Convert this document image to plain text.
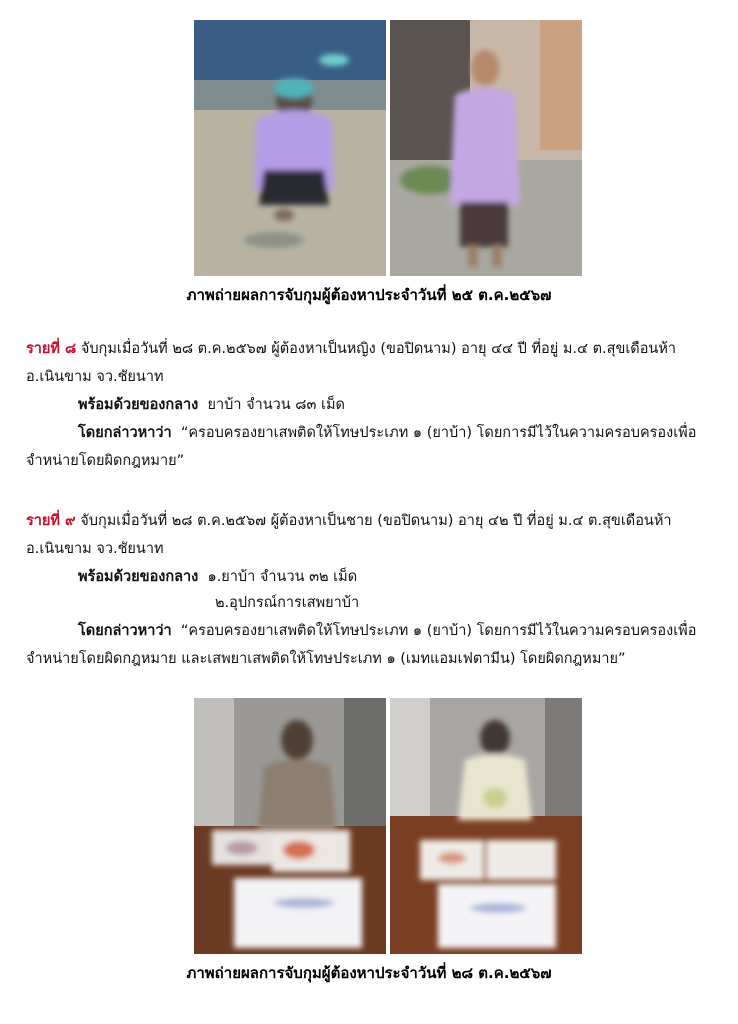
ภาพถ่ายผลการจับกุมผู้ต้องหาประจำวันที่ ๒๕ ต.ค.๒๕๖๗
รายที่ ๘ จับกุมเมื่อวันที่ ๒๘ ต.ค.๒๕๖๗ ผู้ต้องหาเป็นหญิง (ขอปิดนาม) อายุ ๔๔ ปี ที่อยู่ ม.๔ ต.สุขเดือนห้า
อ.เนินขาม จว.ชัยนาท
พร้อมด้วยของกลาง ยาบ้า จำนวน ๘๓ เม็ด
โดยกล่าวหาว่า “ครอบครองยาเสพติดให้โทษประเภท ๑ (ยาบ้า) โดยการมีไว้ในความครอบครองเพื่อ
จำหน่ายโดยผิดกฎหมาย”
รายที่ ๙ จับกุมเมื่อวันที่ ๒๘ ต.ค.๒๕๖๗ ผู้ต้องหาเป็นชาย (ขอปิดนาม) อายุ ๔๒ ปี ที่อยู่ ม.๔ ต.สุขเดือนห้า
อ.เนินขาม จว.ชัยนาท
พร้อมด้วยของกลาง ๑.ยาบ้า จำนวน ๓๒ เม็ด
๒.อุปกรณ์การเสพยาบ้า
โดยกล่าวหาว่า “ครอบครองยาเสพติดให้โทษประเภท ๑ (ยาบ้า) โดยการมีไว้ในความครอบครองเพื่อ
จำหน่ายโดยผิดกฎหมาย และเสพยาเสพติดให้โทษประเภท ๑ (เมทแอมเฟตามีน) โดยผิดกฎหมาย”
ภาพถ่ายผลการจับกุมผู้ต้องหาประจำวันที่ ๒๘ ต.ค.๒๕๖๗
